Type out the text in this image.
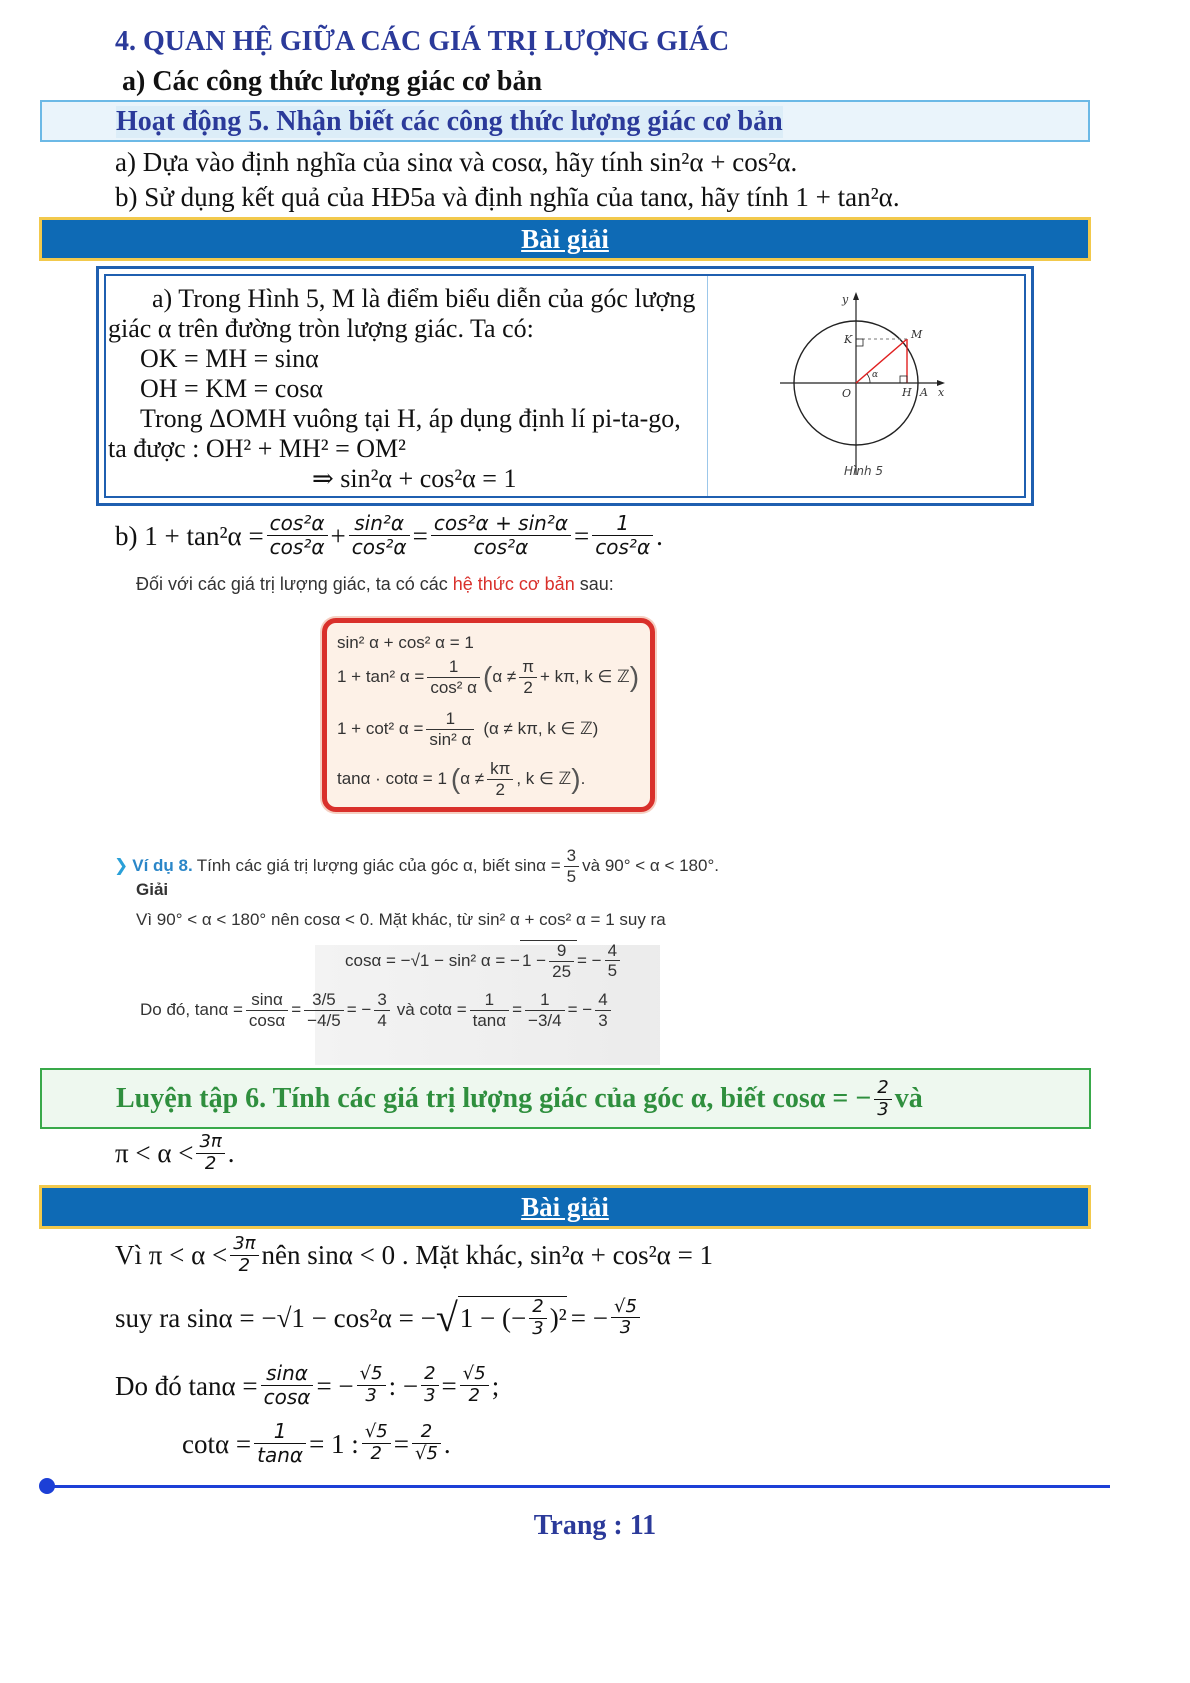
4. QUAN HỆ GIỮA CÁC GIÁ TRỊ LƯỢNG GIÁC
a) Các công thức lượng giác cơ bản
Hoạt động 5. Nhận biết các công thức lượng giác cơ bản
a) Dựa vào định nghĩa của sinα và cosα, hãy tính sin²α + cos²α.
b) Sử dụng kết quả của HĐ5a và định nghĩa của tanα, hãy tính 1 + tan²α.
Bài giải
a) Trong Hình 5, M là điểm biểu diễn của góc lượng
giác α trên đường tròn lượng giác. Ta có:
OK = MH = sinα
OH = KM = cosα
Trong ΔOMH vuông tại H, áp dụng định lí pi-ta-go,
ta được : OH² + MH² = OM²
⇒ sin²α + cos²α = 1
y
x
K	M
O	H A
α
Hình 5
b) $1 + \tan^2\alpha = \frac{\text{cos²α}}{\text{cos²α}} + \frac{\text{sin²α}}{\text{cos²α}} = \frac{\text{cos²α + sin²α}}{\text{cos²α}} = \frac{1}{\text{cos²α}}$ .
Đối với các giá trị lượng giác, ta có các hệ thức cơ bản sau:
sin² α + cos² α = 1
1 + tan² $\alpha = \frac{1}{\text{cos² α}}$ ( $\alpha \ne \frac{\pi}{2} + k\pi$, k ∈ ℤ )
1 + cot² $\alpha = \frac{1}{\text{sin² α}} (\alpha \ne k\pi$, k ∈ ℤ)
tanα · cotα = 1 ( $\alpha \ne \frac{k\pi}{2}$ , k ∈ ℤ ) .
❯ Ví dụ 8. Tính các giá trị lượng giác của góc α, biết $\sin\alpha = \frac{3}{5}$ và 90° < α < 180°.
Giải
Vì 90° < α < 180° nên cosα < 0. Mặt khác, từ sin² α + cos² α = 1 suy ra
cosα = −√1 − sin² α = − $1 - \frac{9}{25}$ = − $\frac{4}{5}$
Do đó, $\tan\alpha = \frac{\sin\alpha}{\cos\alpha} = \frac{3/5}{-4/5}$ = − $\frac{3}{4}$ và $\cot\alpha = \frac{1}{\tan\alpha} = \frac{1}{-3/4}$ = − $\frac{4}{3}$
Luyện tập 6. Tính các giá trị lượng giác của góc α, biết cosα = − $\frac{2}{3}$ và
$\pi < \alpha < \frac{3\pi}{2}$ .
Bài giải
Vì $\pi < \alpha < \frac{3\pi}{2}$ nên sinα < 0 . Mặt khác, sin²α + cos²α = 1
suy ra sinα = −√1 − cos²α = − √ 1 − (− $\frac{2}{3} )^2$ = − $\frac{√5}{3}$
Do đó $\tan\alpha = \frac{\sin\alpha}{\cos\alpha}$ = − $\frac{√5}{3}$ : − $\frac{2}{3} = \frac{√5}{2}$ ;
$\cot\alpha = \frac{1}{\tan\alpha} = 1$ : $\frac{√5}{2} = \frac{2}{√5}$ .
Trang : 11
